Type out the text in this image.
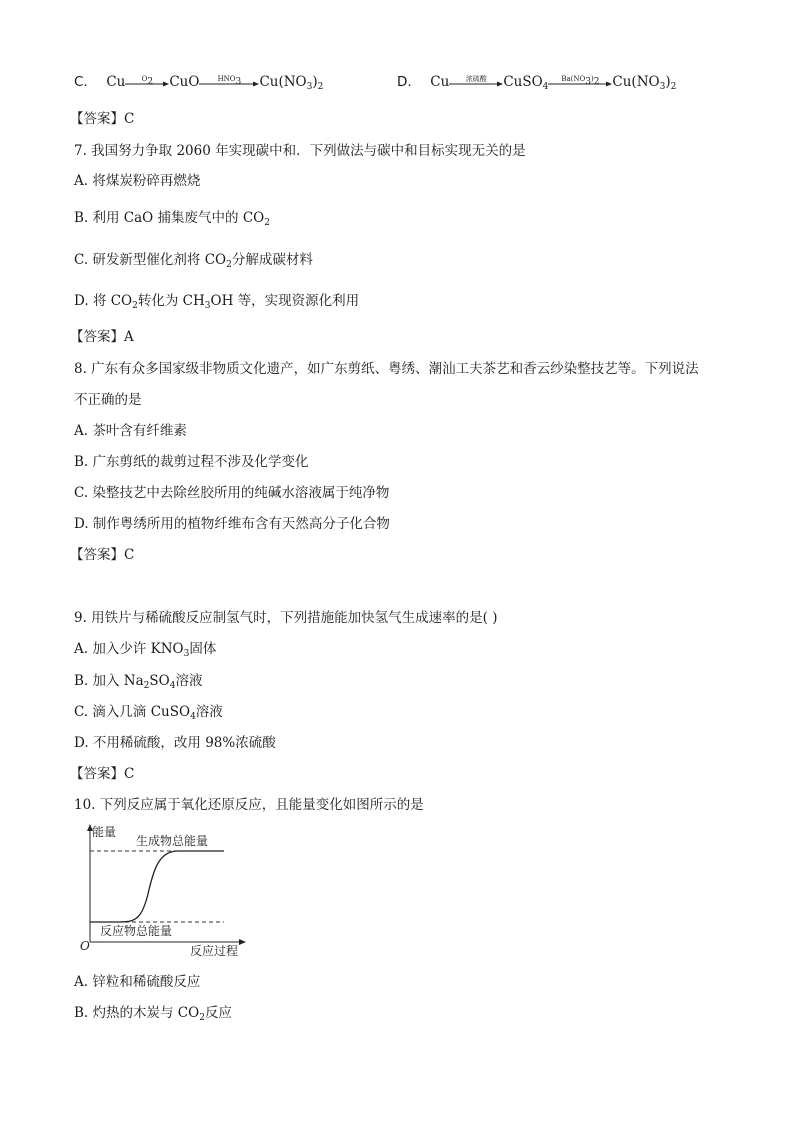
C. Cu	$O_2$	CuO	$HNO_3$	$Cu(NO_3)_2$	D. Cu	浓硫酸	CuSO$_4$
$Ba(NO_3)_2$ $Cu(NO_3)_2$
【答案】C
7. 我国努力争取 2060 年实现碳中和．下列做法与碳中和目标实现无关的是
A. 将煤炭粉碎再燃烧
B. 利用 CaO 捕集废气中的 $CO_2$
C. 研发新型催化剂将 $CO_2$分解成碳材料
D. 将 $CO_2$转化为 $CH_3OH$ 等，实现资源化利用
【答案】A
8. 广东有众多国家级非物质文化遗产，如广东剪纸、粤绣、潮汕工夫茶艺和香云纱染整技艺等。下列说法
不正确的是
A. 茶叶含有纤维素
B. 广东剪纸的裁剪过程不涉及化学变化
C. 染整技艺中去除丝胶所用的纯碱水溶液属于纯净物
D. 制作粤绣所用的植物纤维布含有天然高分子化合物
【答案】C
9. 用铁片与稀硫酸反应制氢气时，下列措施能加快氢气生成速率的是( )
A. 加入少许 $KNO_3$固体
B. 加入 $Na_2SO_4$溶液
C. 滴入几滴 CuSO$_4$溶液
D. 不用稀硫酸，改用 98%浓硫酸
【答案】C
10. 下列反应属于氧化还原反应，且能量变化如图所示的是
能量
生成物总能量
反应物总能量
O	反应过程
A. 锌粒和稀硫酸反应
B. 灼热的木炭与 $CO_2$反应
